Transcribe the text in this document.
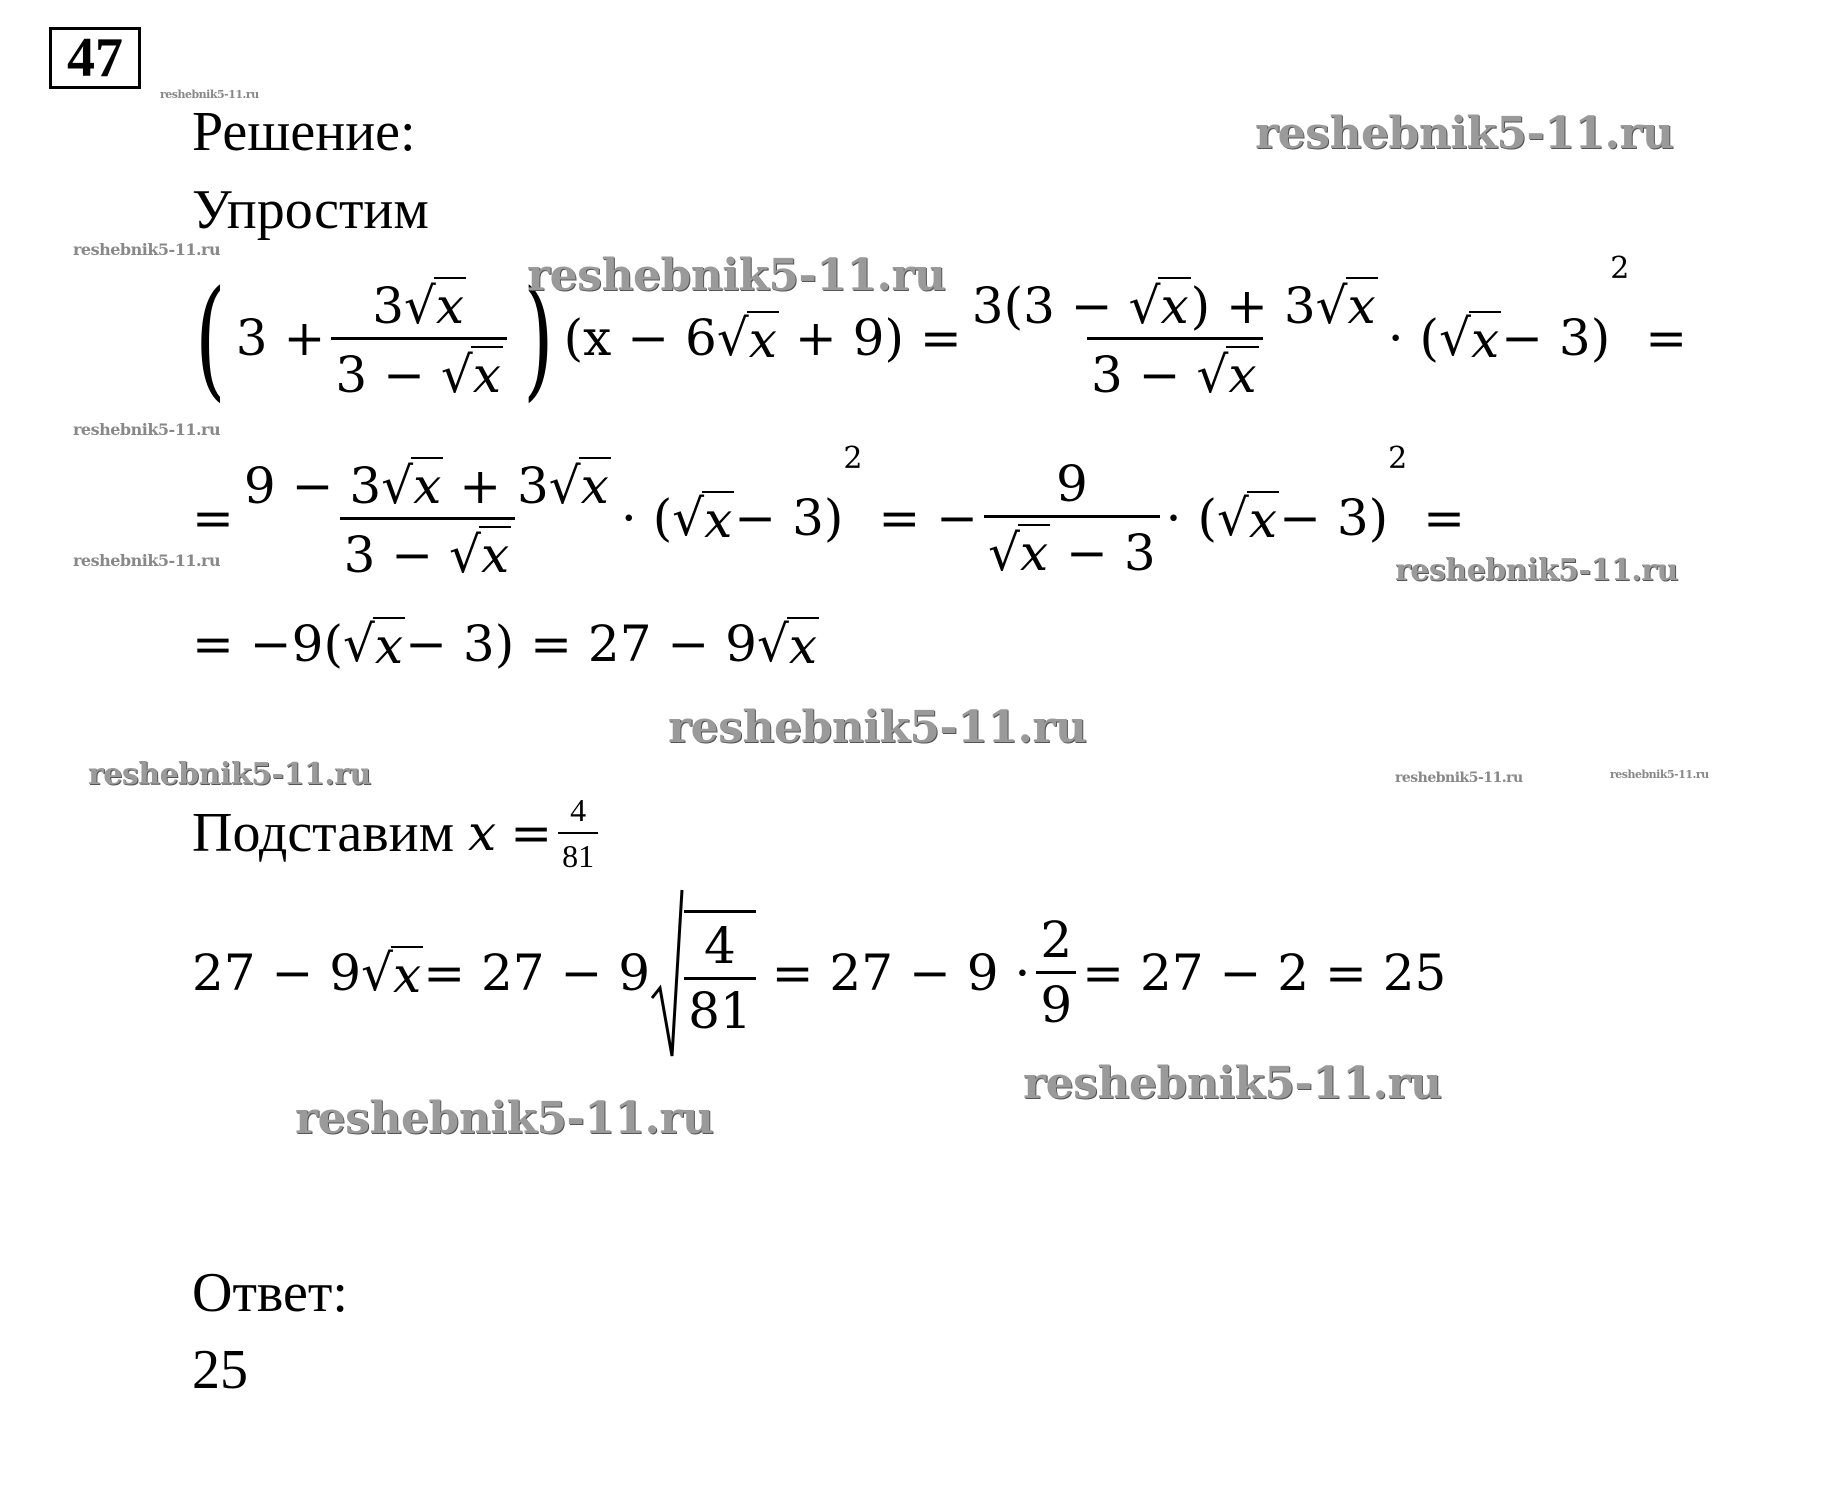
47
Решение:
Упростим
( 3
+ $\frac{3 √ x}{3 - √ x}$ ) (x − 6 √ x
+ $9) = \frac{3(3 - √ x ) + 3 √ x}{3 - √ x}$ ·
( √ x − 3)
2

=
= $\frac{9 - 3 √ x + 3 √ x}{3 - √ x}$ ·
( √ x − 3)
2

= − $\frac{9}{√ x - 3}$ ·
( √ x − 3)
2

=
= −9( √ x − 3) = 27 − 9 √ x
reshebnik5-11.ru
reshebnik5-11.ru
reshebnik5-11.ru
reshebnik5-11.ru
reshebnik5-11.ru
reshebnik5-11.ru
reshebnik5-11.ru
reshebnik5-11.ru
reshebnik5-11.ru	reshebnik5-11.ru	reshebnik5-11.ru
reshebnik5-11.ru
reshebnik5-11.ru
Подставим
x
= $\frac{4}{81}$
27 − 9 √ $x = 27 - 9 \frac{4}{81}$
= $27 - 9 \cdot \frac{2}{9} = 27 - 2 = 25$
Ответ:
25
